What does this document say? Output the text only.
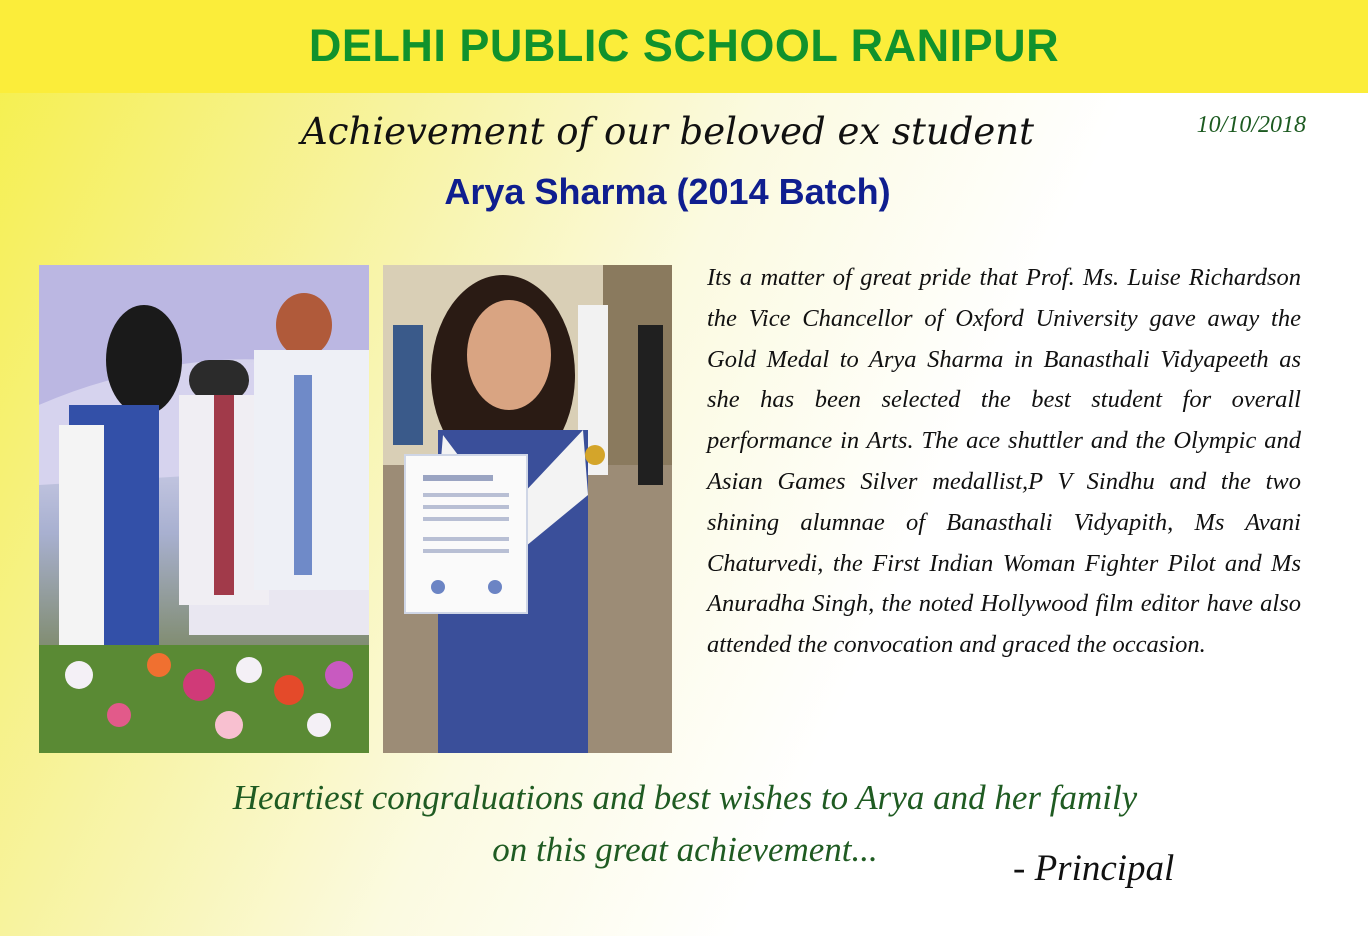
DELHI PUBLIC SCHOOL RANIPUR
Achievement of our beloved ex student
Arya Sharma (2014 Batch)
10/10/2018
Its a matter of great pride that Prof. Ms. Luise Richardson the Vice Chancellor of Oxford University gave away the Gold Medal to Arya Sharma in Banasthali Vidyapeeth as she has been selected the best student for overall performance in Arts. The ace shuttler and the Olympic and Asian Games Silver medallist,P V Sindhu and the two shining alumnae of Banasthali Vidyapith, Ms Avani Chaturvedi, the First Indian Woman Fighter Pilot and Ms Anuradha Singh, the noted Hollywood film editor have also attended the convocation and graced the occasion.
Heartiest congraluations and best wishes to Arya and her family
on this great achievement...	- Principal
